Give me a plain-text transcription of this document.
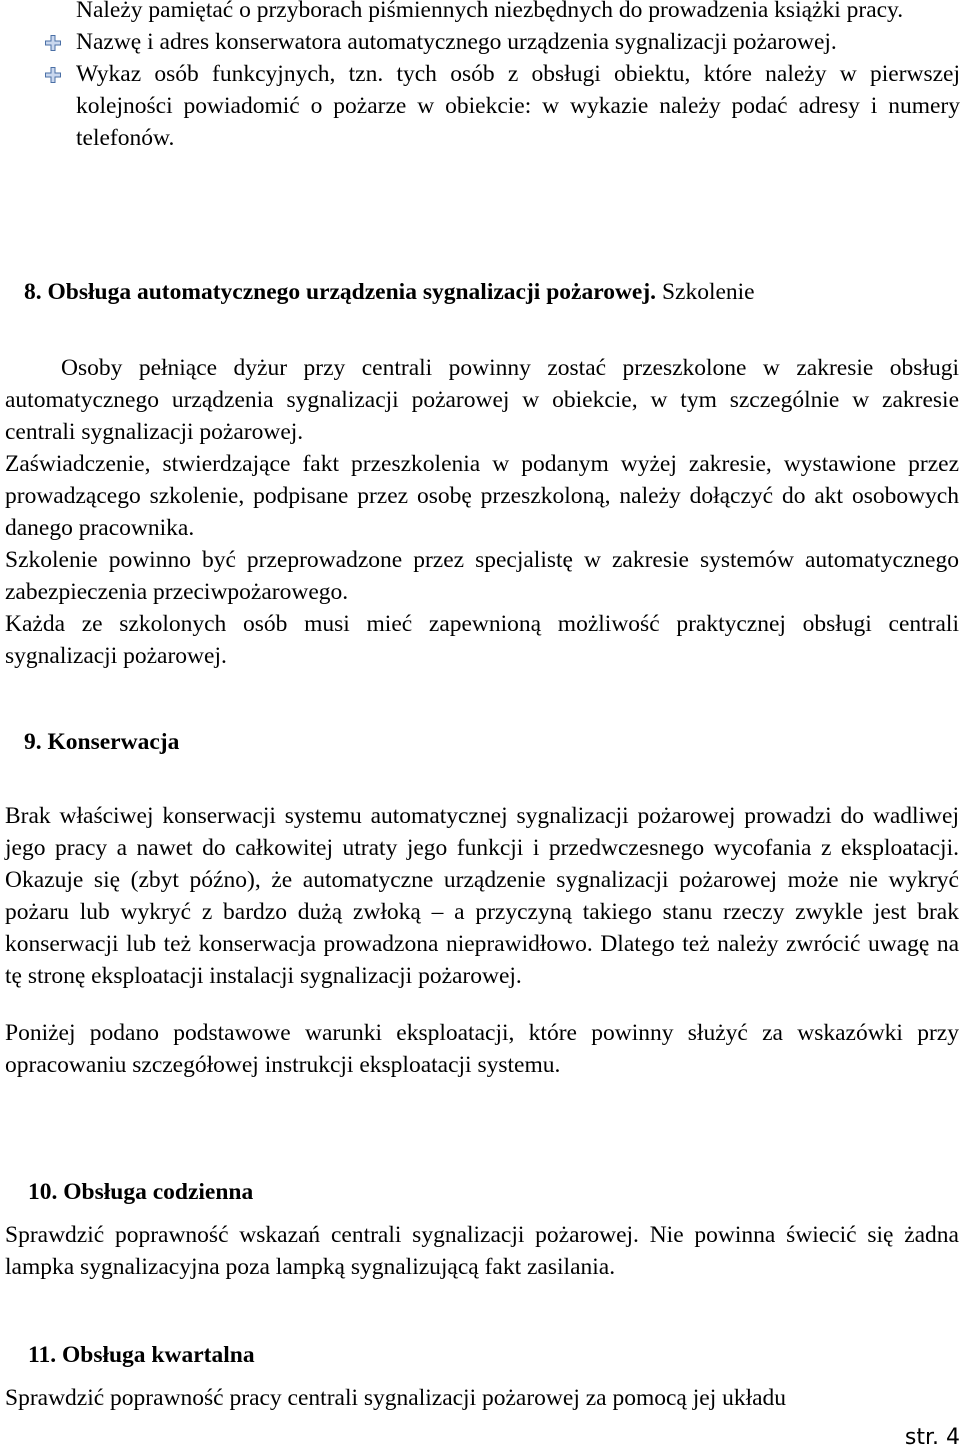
Należy pamiętać o przyborach piśmiennych niezbędnych do prowadzenia książki pracy.
Nazwę i adres konserwatora automatycznego urządzenia sygnalizacji pożarowej.
Wykaz osób funkcyjnych, tzn. tych osób z obsługi obiektu, które należy w pierwszej kolejności powiadomić o pożarze w obiekcie: w wykazie należy podać adresy i numery telefonów.
8. Obsługa automatycznego urządzenia sygnalizacji pożarowej. Szkolenie

Osoby pełniące dyżur przy centrali powinny zostać przeszkolone w zakresie obsługi automatycznego urządzenia sygnalizacji pożarowej w obiekcie, w tym szczególnie w zakresie centrali sygnalizacji pożarowej.

Zaświadczenie, stwierdzające fakt przeszkolenia w podanym wyżej zakresie, wystawione przez prowadzącego szkolenie, podpisane przez osobę przeszkoloną, należy dołączyć do akt osobowych danego pracownika.

Szkolenie powinno być przeprowadzone przez specjalistę w zakresie systemów automatycznego zabezpieczenia przeciwpożarowego.

Każda ze szkolonych osób musi mieć zapewnioną możliwość praktycznej obsługi centrali sygnalizacji pożarowej.

9. Konserwacja

Brak właściwej konserwacji systemu automatycznej sygnalizacji pożarowej prowadzi do wadliwej jego pracy a nawet do całkowitej utraty jego funkcji i przedwczesnego wycofania z eksploatacji. Okazuje się (zbyt późno), że automatyczne urządzenie sygnalizacji pożarowej może nie wykryć pożaru lub wykryć z bardzo dużą zwłoką – a przyczyną takiego stanu rzeczy zwykle jest brak konserwacji lub też konserwacja prowadzona nieprawidłowo. Dlatego też należy zwrócić uwagę na tę stronę eksploatacji instalacji sygnalizacji pożarowej.

Poniżej podano podstawowe warunki eksploatacji, które powinny służyć za wskazówki przy opracowaniu szczegółowej instrukcji eksploatacji systemu.

10. Obsługa codzienna

Sprawdzić poprawność wskazań centrali sygnalizacji pożarowej. Nie powinna świecić się żadna lampka sygnalizacyjna poza lampką sygnalizującą fakt zasilania.

11. Obsługa kwartalna

Sprawdzić poprawność pracy centrali sygnalizacji pożarowej za pomocą jej układu

str. 4
